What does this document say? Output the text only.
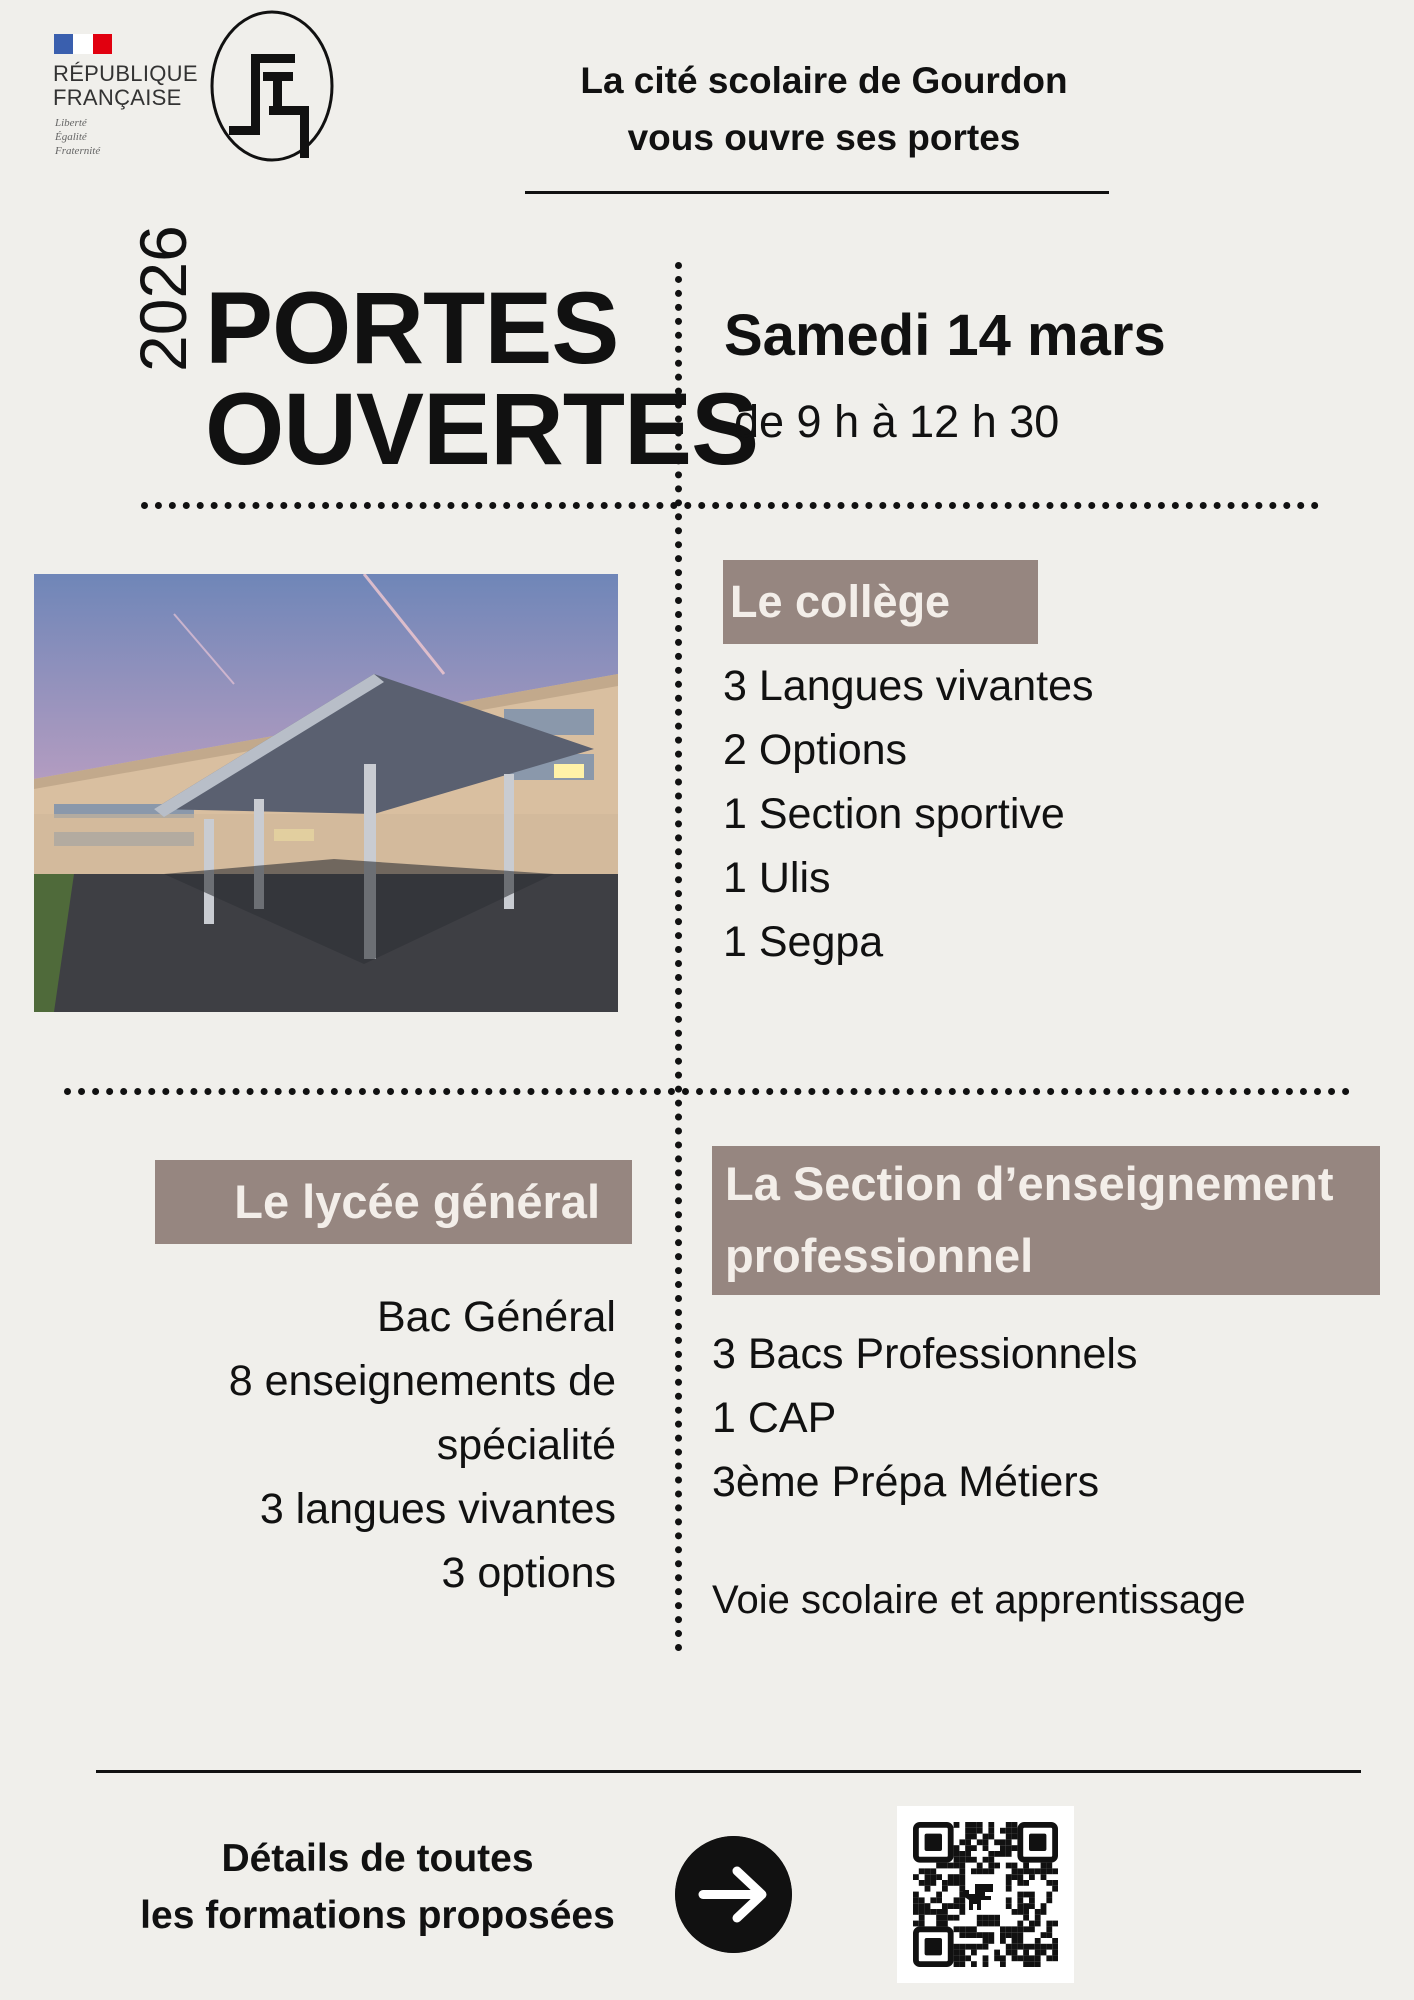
RÉPUBLIQUE
FRANÇAISE
Liberté
Égalité
Fraternité
La cité scolaire de Gourdon
vous ouvre ses portes
2026 PORTES
OUVERTES
Samedi 14 mars
de 9 h à 12 h 30
Le collège
3 Langues vivantes
2 Options
1 Section sportive
1 Ulis
1 Segpa
Le lycée général
Bac Général
8 enseignements de spécialité
3 langues vivantes
3 options
La Section d’enseignement
professionnel
3 Bacs Professionnels
1 CAP
3ème Prépa Métiers
Voie scolaire et apprentissage
Détails de toutes
les formations proposées
